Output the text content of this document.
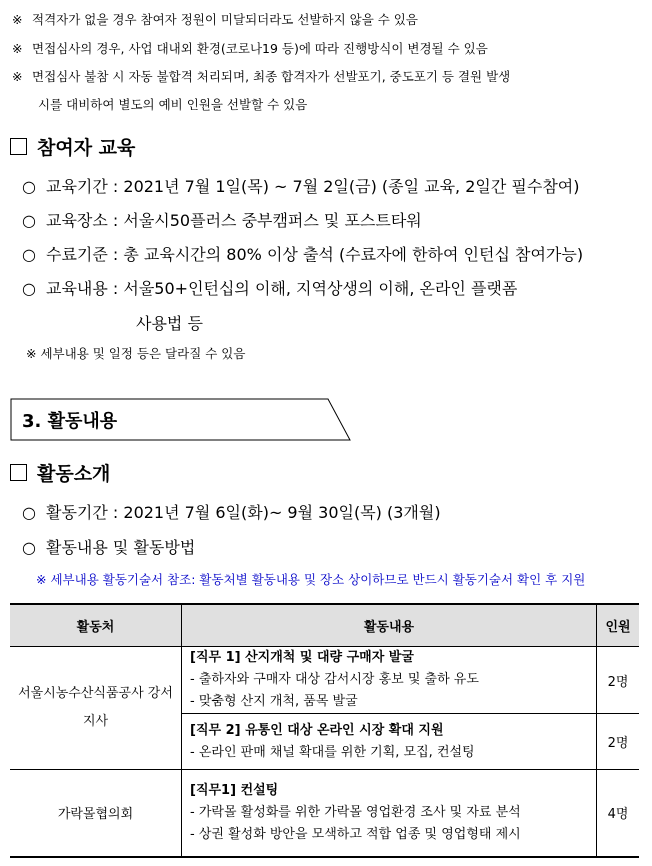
※ 적격자가 없을 경우 참여자 정원이 미달되더라도 선발하지 않을 수 있음
※ 면접심사의 경우, 사업 대내외 환경(코로나19 등)에 따라 진행방식이 변경될 수 있음
※ 면접심사 불참 시 자동 불합격 처리되며, 최종 합격자가 선발포기, 중도포기 등 결원 발생
시를 대비하여 별도의 예비 인원을 선발할 수 있음
참여자 교육
○ 교육기간 : 2021년 7월 1일(목) ~ 7월 2일(금) (종일 교육, 2일간 필수참여)
○ 교육장소 : 서울시50플러스 중부캠퍼스 및 포스트타워
○ 수료기준 : 총 교육시간의 80% 이상 출석 (수료자에 한하여 인턴십 참여가능)
○ 교육내용 : 서울50+인턴십의 이해, 지역상생의 이해, 온라인 플랫폼
사용법 등
※ 세부내용 및 일정 등은 달라질 수 있음
3. 활동내용
활동소개
○ 활동기간 : 2021년 7월 6일(화)~ 9월 30일(목) (3개월)
○ 활동내용 및 활동방법
※ 세부내용 활동기술서 참조: 활동처별 활동내용 및 장소 상이하므로 반드시 활동기술서 확인 후 지원
활동처	활동내용	인원
서울시농수산식품공사 강서지사	[직무 1] 산지개척 및 대량 구매자 발굴
- 출하자와 구매자 대상 감서시장 홍보 및 출하 유도
- 맞춤형 산지 개척, 품목 발굴	2명

	[직무 2] 유통인 대상 온라인 시장 확대 지원
- 온라인 판매 채널 확대를 위한 기획, 모집, 컨설팅	2명
가락몰협의회	[직무1] 컨설팅
- 가락몰 활성화를 위한 가락몰 영업환경 조사 및 자료 분석
- 상권 활성화 방안을 모색하고 적합 업종 및 영업형태 제시	4명
